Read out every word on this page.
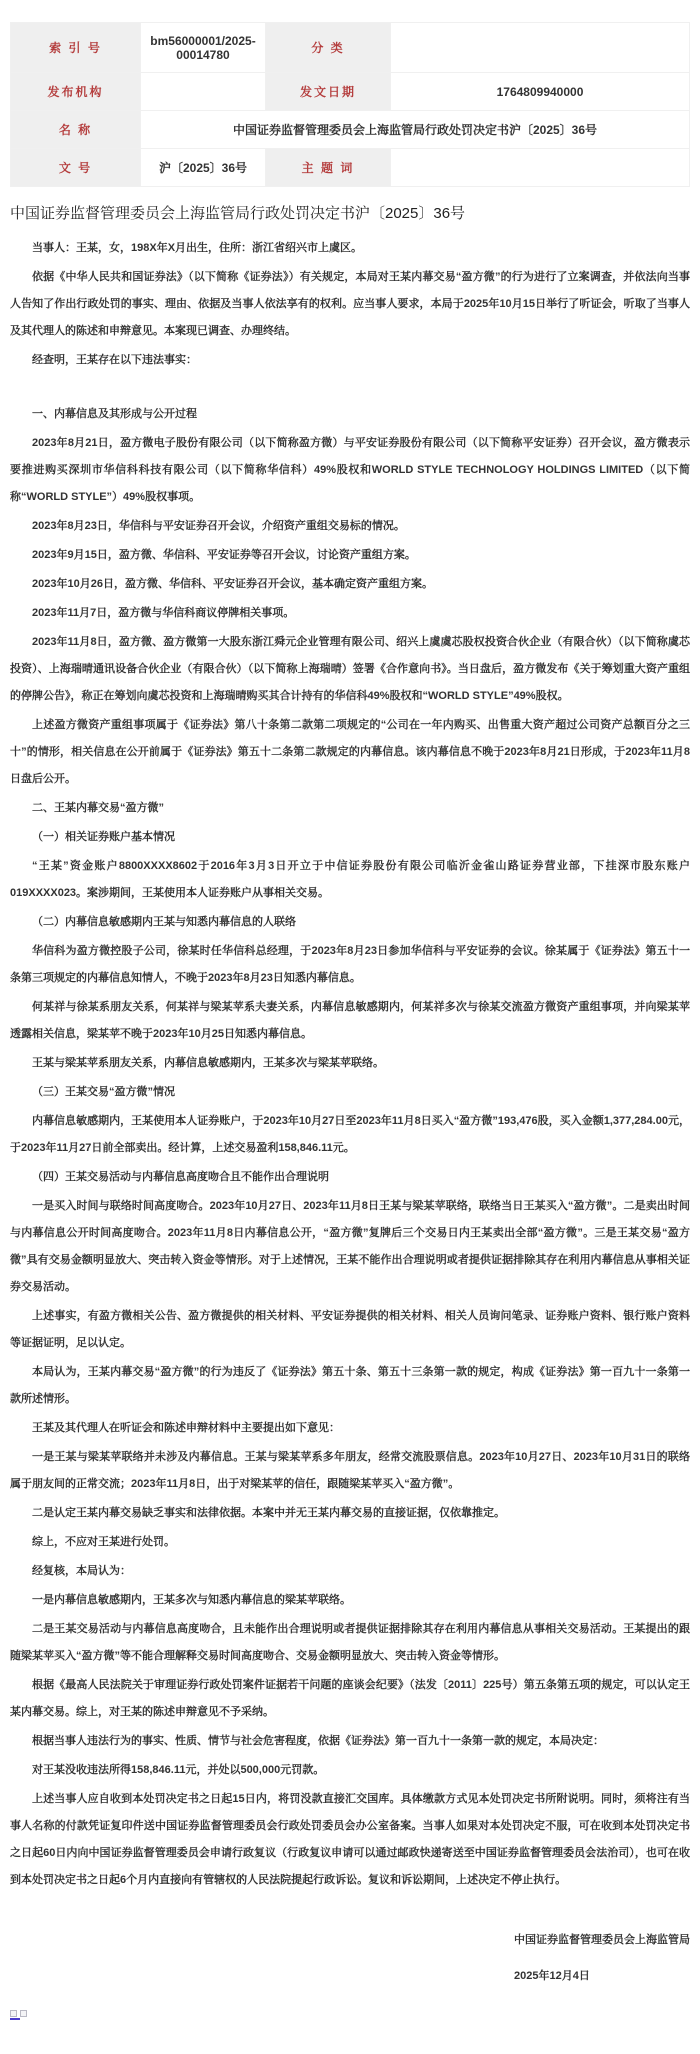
索 引 号	bm56000001/2025-00014780	分 类	
发布机构		发文日期	1764809940000
名 称	中国证券监督管理委员会上海监管局行政处罚决定书沪〔2025〕36号		
文 号	沪〔2025〕36号	主 题 词	
中国证券监督管理委员会上海监管局行政处罚决定书沪〔2025〕36号

当事人：王某，女，198X年X月出生，住所：浙江省绍兴市上虞区。

依据《中华人民共和国证券法》（以下简称《证券法》）有关规定，本局对王某内幕交易“盈方微”的行为进行了立案调查，并依法向当事人告知了作出行政处罚的事实、理由、依据及当事人依法享有的权利。应当事人要求，本局于2025年10月15日举行了听证会，听取了当事人及其代理人的陈述和申辩意见。本案现已调查、办理终结。

经查明，王某存在以下违法事实：

一、内幕信息及其形成与公开过程

2023年8月21日，盈方微电子股份有限公司（以下简称盈方微）与平安证券股份有限公司（以下简称平安证券）召开会议，盈方微表示要推进购买深圳市华信科科技有限公司（以下简称华信科）49%股权和WORLD STYLE TECHNOLOGY HOLDINGS LIMITED（以下简称“WORLD STYLE”）49%股权事项。

2023年8月23日，华信科与平安证券召开会议，介绍资产重组交易标的情况。

2023年9月15日，盈方微、华信科、平安证券等召开会议，讨论资产重组方案。

2023年10月26日，盈方微、华信科、平安证券召开会议，基本确定资产重组方案。

2023年11月7日，盈方微与华信科商议停牌相关事项。

2023年11月8日，盈方微、盈方微第一大股东浙江舜元企业管理有限公司、绍兴上虞虞芯股权投资合伙企业（有限合伙）（以下简称虞芯投资）、上海瑞晴通讯设备合伙企业（有限合伙）（以下简称上海瑞晴）签署《合作意向书》。当日盘后，盈方微发布《关于筹划重大资产重组的停牌公告》，称正在筹划向虞芯投资和上海瑞晴购买其合计持有的华信科49%股权和“WORLD STYLE”49%股权。

上述盈方微资产重组事项属于《证券法》第八十条第二款第二项规定的“公司在一年内购买、出售重大资产超过公司资产总额百分之三十”的情形，相关信息在公开前属于《证券法》第五十二条第二款规定的内幕信息。该内幕信息不晚于2023年8月21日形成，于2023年11月8日盘后公开。

二、王某内幕交易“盈方微”

（一）相关证券账户基本情况

“王某”资金账户8800XXXX8602于2016年3月3日开立于中信证券股份有限公司临沂金雀山路证券营业部，下挂深市股东账户019XXXX023。案涉期间，王某使用本人证券账户从事相关交易。

（二）内幕信息敏感期内王某与知悉内幕信息的人联络

华信科为盈方微控股子公司，徐某时任华信科总经理，于2023年8月23日参加华信科与平安证券的会议。徐某属于《证券法》第五十一条第三项规定的内幕信息知情人，不晚于2023年8月23日知悉内幕信息。

何某祥与徐某系朋友关系，何某祥与梁某苹系夫妻关系，内幕信息敏感期内，何某祥多次与徐某交流盈方微资产重组事项，并向梁某苹透露相关信息，梁某苹不晚于2023年10月25日知悉内幕信息。

王某与梁某苹系朋友关系，内幕信息敏感期内，王某多次与梁某苹联络。

（三）王某交易“盈方微”情况

内幕信息敏感期内，王某使用本人证券账户，于2023年10月27日至2023年11月8日买入“盈方微”193,476股，买入金额1,377,284.00元，于2023年11月27日前全部卖出。经计算，上述交易盈利158,846.11元。

（四）王某交易活动与内幕信息高度吻合且不能作出合理说明

一是买入时间与联络时间高度吻合。2023年10月27日、2023年11月8日王某与梁某苹联络，联络当日王某买入“盈方微”。二是卖出时间与内幕信息公开时间高度吻合。2023年11月8日内幕信息公开，“盈方微”复牌后三个交易日内王某卖出全部“盈方微”。三是王某交易“盈方微”具有交易金额明显放大、突击转入资金等情形。对于上述情况，王某不能作出合理说明或者提供证据排除其存在利用内幕信息从事相关证券交易活动。

上述事实，有盈方微相关公告、盈方微提供的相关材料、平安证券提供的相关材料、相关人员询问笔录、证券账户资料、银行账户资料等证据证明，足以认定。

本局认为，王某内幕交易“盈方微”的行为违反了《证券法》第五十条、第五十三条第一款的规定，构成《证券法》第一百九十一条第一款所述情形。

王某及其代理人在听证会和陈述申辩材料中主要提出如下意见：

一是王某与梁某苹联络并未涉及内幕信息。王某与梁某苹系多年朋友，经常交流股票信息。2023年10月27日、2023年10月31日的联络属于朋友间的正常交流；2023年11月8日，出于对梁某苹的信任，跟随梁某苹买入“盈方微”。

二是认定王某内幕交易缺乏事实和法律依据。本案中并无王某内幕交易的直接证据，仅依靠推定。

综上，不应对王某进行处罚。

经复核，本局认为：

一是内幕信息敏感期内，王某多次与知悉内幕信息的梁某苹联络。

二是王某交易活动与内幕信息高度吻合，且未能作出合理说明或者提供证据排除其存在利用内幕信息从事相关交易活动。王某提出的跟随梁某苹买入“盈方微”等不能合理解释交易时间高度吻合、交易金额明显放大、突击转入资金等情形。

根据《最高人民法院关于审理证券行政处罚案件证据若干问题的座谈会纪要》（法发〔2011〕225号）第五条第五项的规定，可以认定王某内幕交易。综上，对王某的陈述申辩意见不予采纳。

根据当事人违法行为的事实、性质、情节与社会危害程度，依据《证券法》第一百九十一条第一款的规定，本局决定：

对王某没收违法所得158,846.11元，并处以500,000元罚款。

上述当事人应自收到本处罚决定书之日起15日内，将罚没款直接汇交国库。具体缴款方式见本处罚决定书所附说明。同时，须将注有当事人名称的付款凭证复印件送中国证券监督管理委员会行政处罚委员会办公室备案。当事人如果对本处罚决定不服，可在收到本处罚决定书之日起60日内向中国证券监督管理委员会申请行政复议（行政复议申请可以通过邮政快递寄送至中国证券监督管理委员会法治司），也可在收到本处罚决定书之日起6个月内直接向有管辖权的人民法院提起行政诉讼。复议和诉讼期间，上述决定不停止执行。

中国证券监督管理委员会上海监管局
2025年12月4日
